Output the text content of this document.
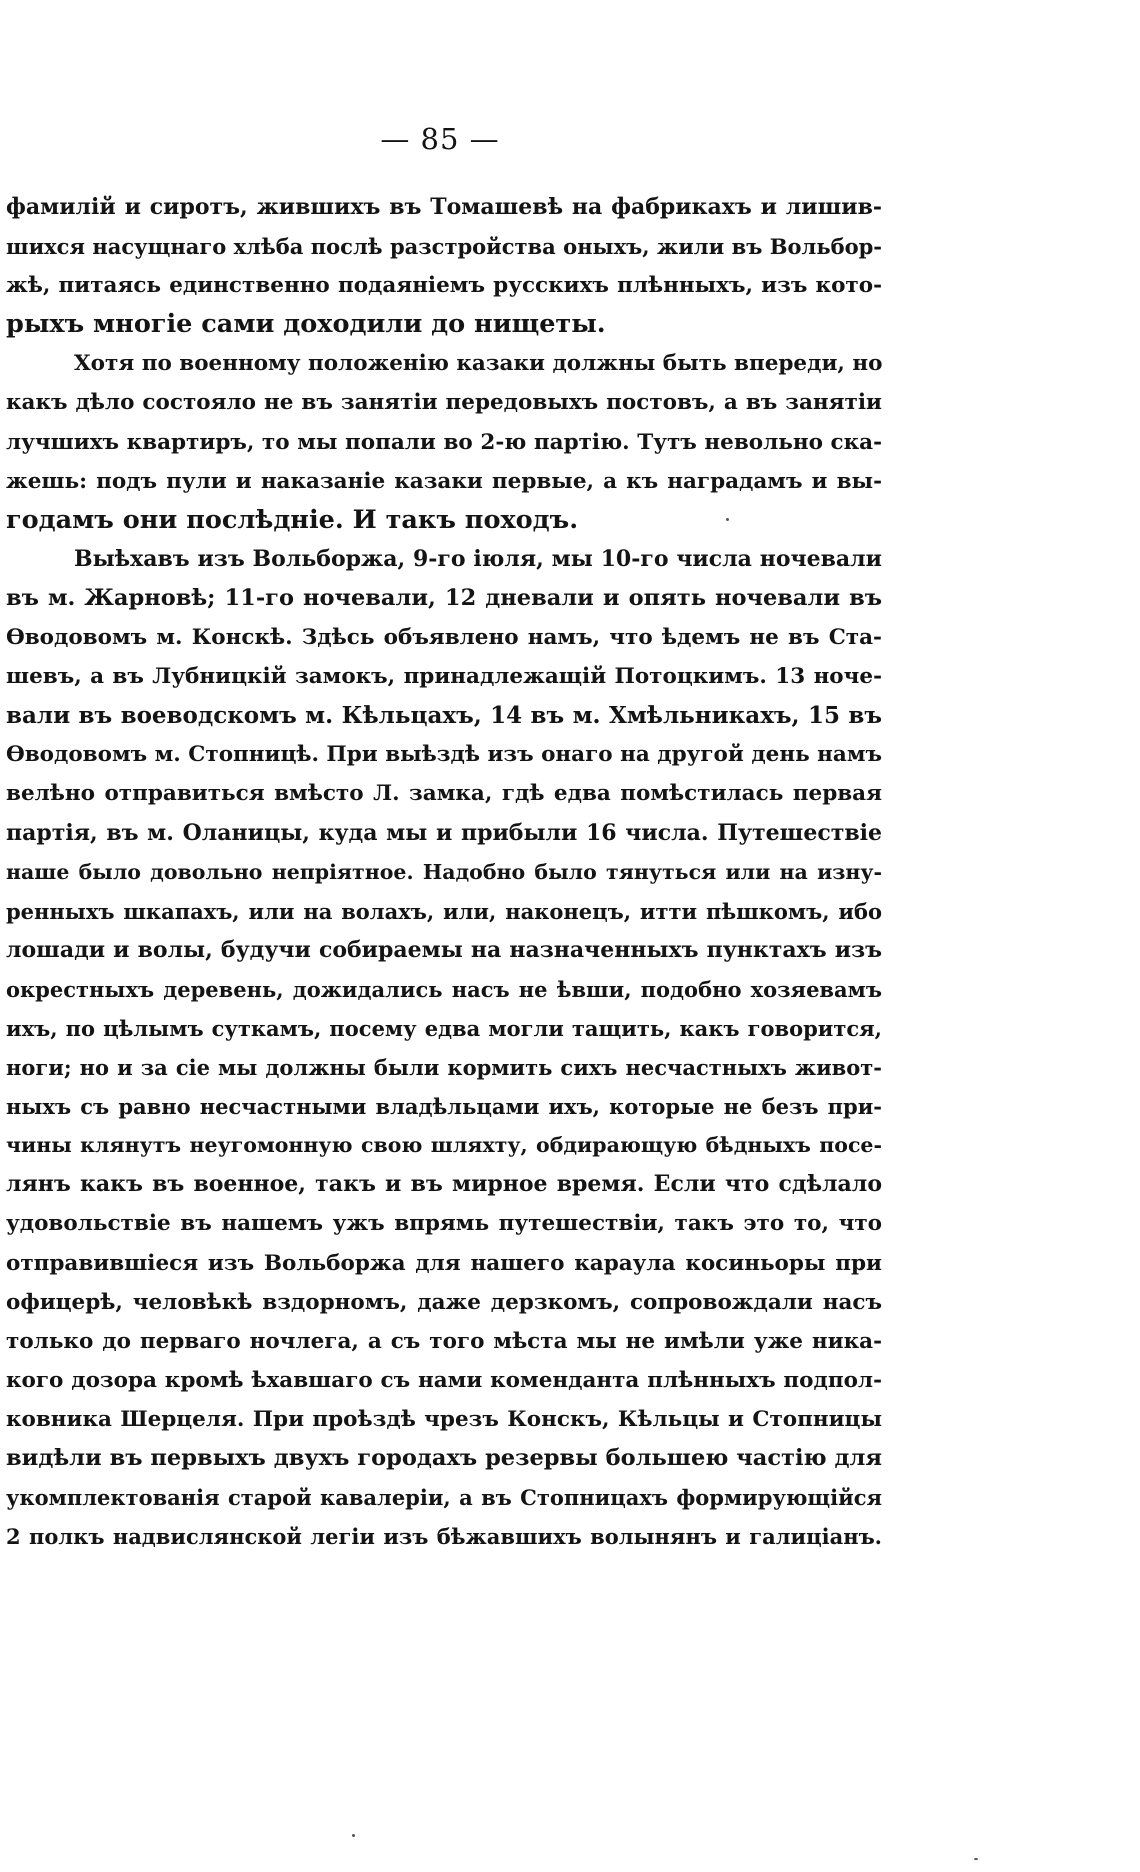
— 85 —
фамилій и сиротъ, жившихъ въ Томашевѣ на фабрикахъ и лишив-
шихся насущнаго хлѣба послѣ разстройства оныхъ, жили въ Вольбор-
жѣ, питаясь единственно подаяніемъ русскихъ плѣнныхъ, изъ кото-
рыхъ многіе сами доходили до нищеты.
Хотя по военному положенію казаки должны быть впереди, но
какъ дѣло состояло не въ занятіи передовыхъ постовъ, а въ занятіи
лучшихъ квартиръ, то мы попали во 2-ю партію. Тутъ невольно ска-
жешь: подъ пули и наказаніе казаки первые, а къ наградамъ и вы-
годамъ они послѣдніе. И такъ походъ.
Выѣхавъ изъ Вольборжа, 9-го іюля, мы 10-го числа ночевали
въ м. Жарновѣ; 11-го ночевали, 12 дневали и опять ночевали въ
Ѳводовомъ м. Конскѣ. Здѣсь объявлено намъ, что ѣдемъ не въ Ста-
шевъ, а въ Лубницкій замокъ, принадлежащій Потоцкимъ. 13 ноче-
вали въ воеводскомъ м. Кѣльцахъ, 14 въ м. Хмѣльникахъ, 15 въ
Ѳводовомъ м. Стопницѣ. При выѣздѣ изъ онаго на другой день намъ
велѣно отправиться вмѣсто Л. замка, гдѣ едва помѣстилась первая
партія, въ м. Оланицы, куда мы и прибыли 16 числа. Путешествіе
наше было довольно непріятное. Надобно было тянуться или на изну-
ренныхъ шкапахъ, или на волахъ, или, наконецъ, итти пѣшкомъ, ибо
лошади и волы, будучи собираемы на назначенныхъ пунктахъ изъ
окрестныхъ деревень, дожидались насъ не ѣвши, подобно хозяевамъ
ихъ, по цѣлымъ суткамъ, посему едва могли тащить, какъ говорится,
ноги; но и за сіе мы должны были кормить сихъ несчастныхъ живот-
ныхъ съ равно несчастными владѣльцами ихъ, которые не безъ при-
чины клянутъ неугомонную свою шляхту, обдирающую бѣдныхъ посе-
лянъ какъ въ военное, такъ и въ мирное время. Если что сдѣлало
удовольствіе въ нашемъ ужъ впрямь путешествіи, такъ это то, что
отправившіеся изъ Вольборжа для нашего караула косиньоры при
офицерѣ, человѣкѣ вздорномъ, даже дерзкомъ, сопровождали насъ
только до перваго ночлега, а съ того мѣста мы не имѣли уже ника-
кого дозора кромѣ ѣхавшаго съ нами коменданта плѣнныхъ подпол-
ковника Шерцеля. При проѣздѣ чрезъ Конскъ, Кѣльцы и Стопницы
видѣли въ первыхъ двухъ городахъ резервы большею частію для
укомплектованія старой кавалеріи, а въ Стопницахъ формирующійся
2 полкъ надвислянской легіи изъ бѣжавшихъ волынянъ и галиціанъ.
